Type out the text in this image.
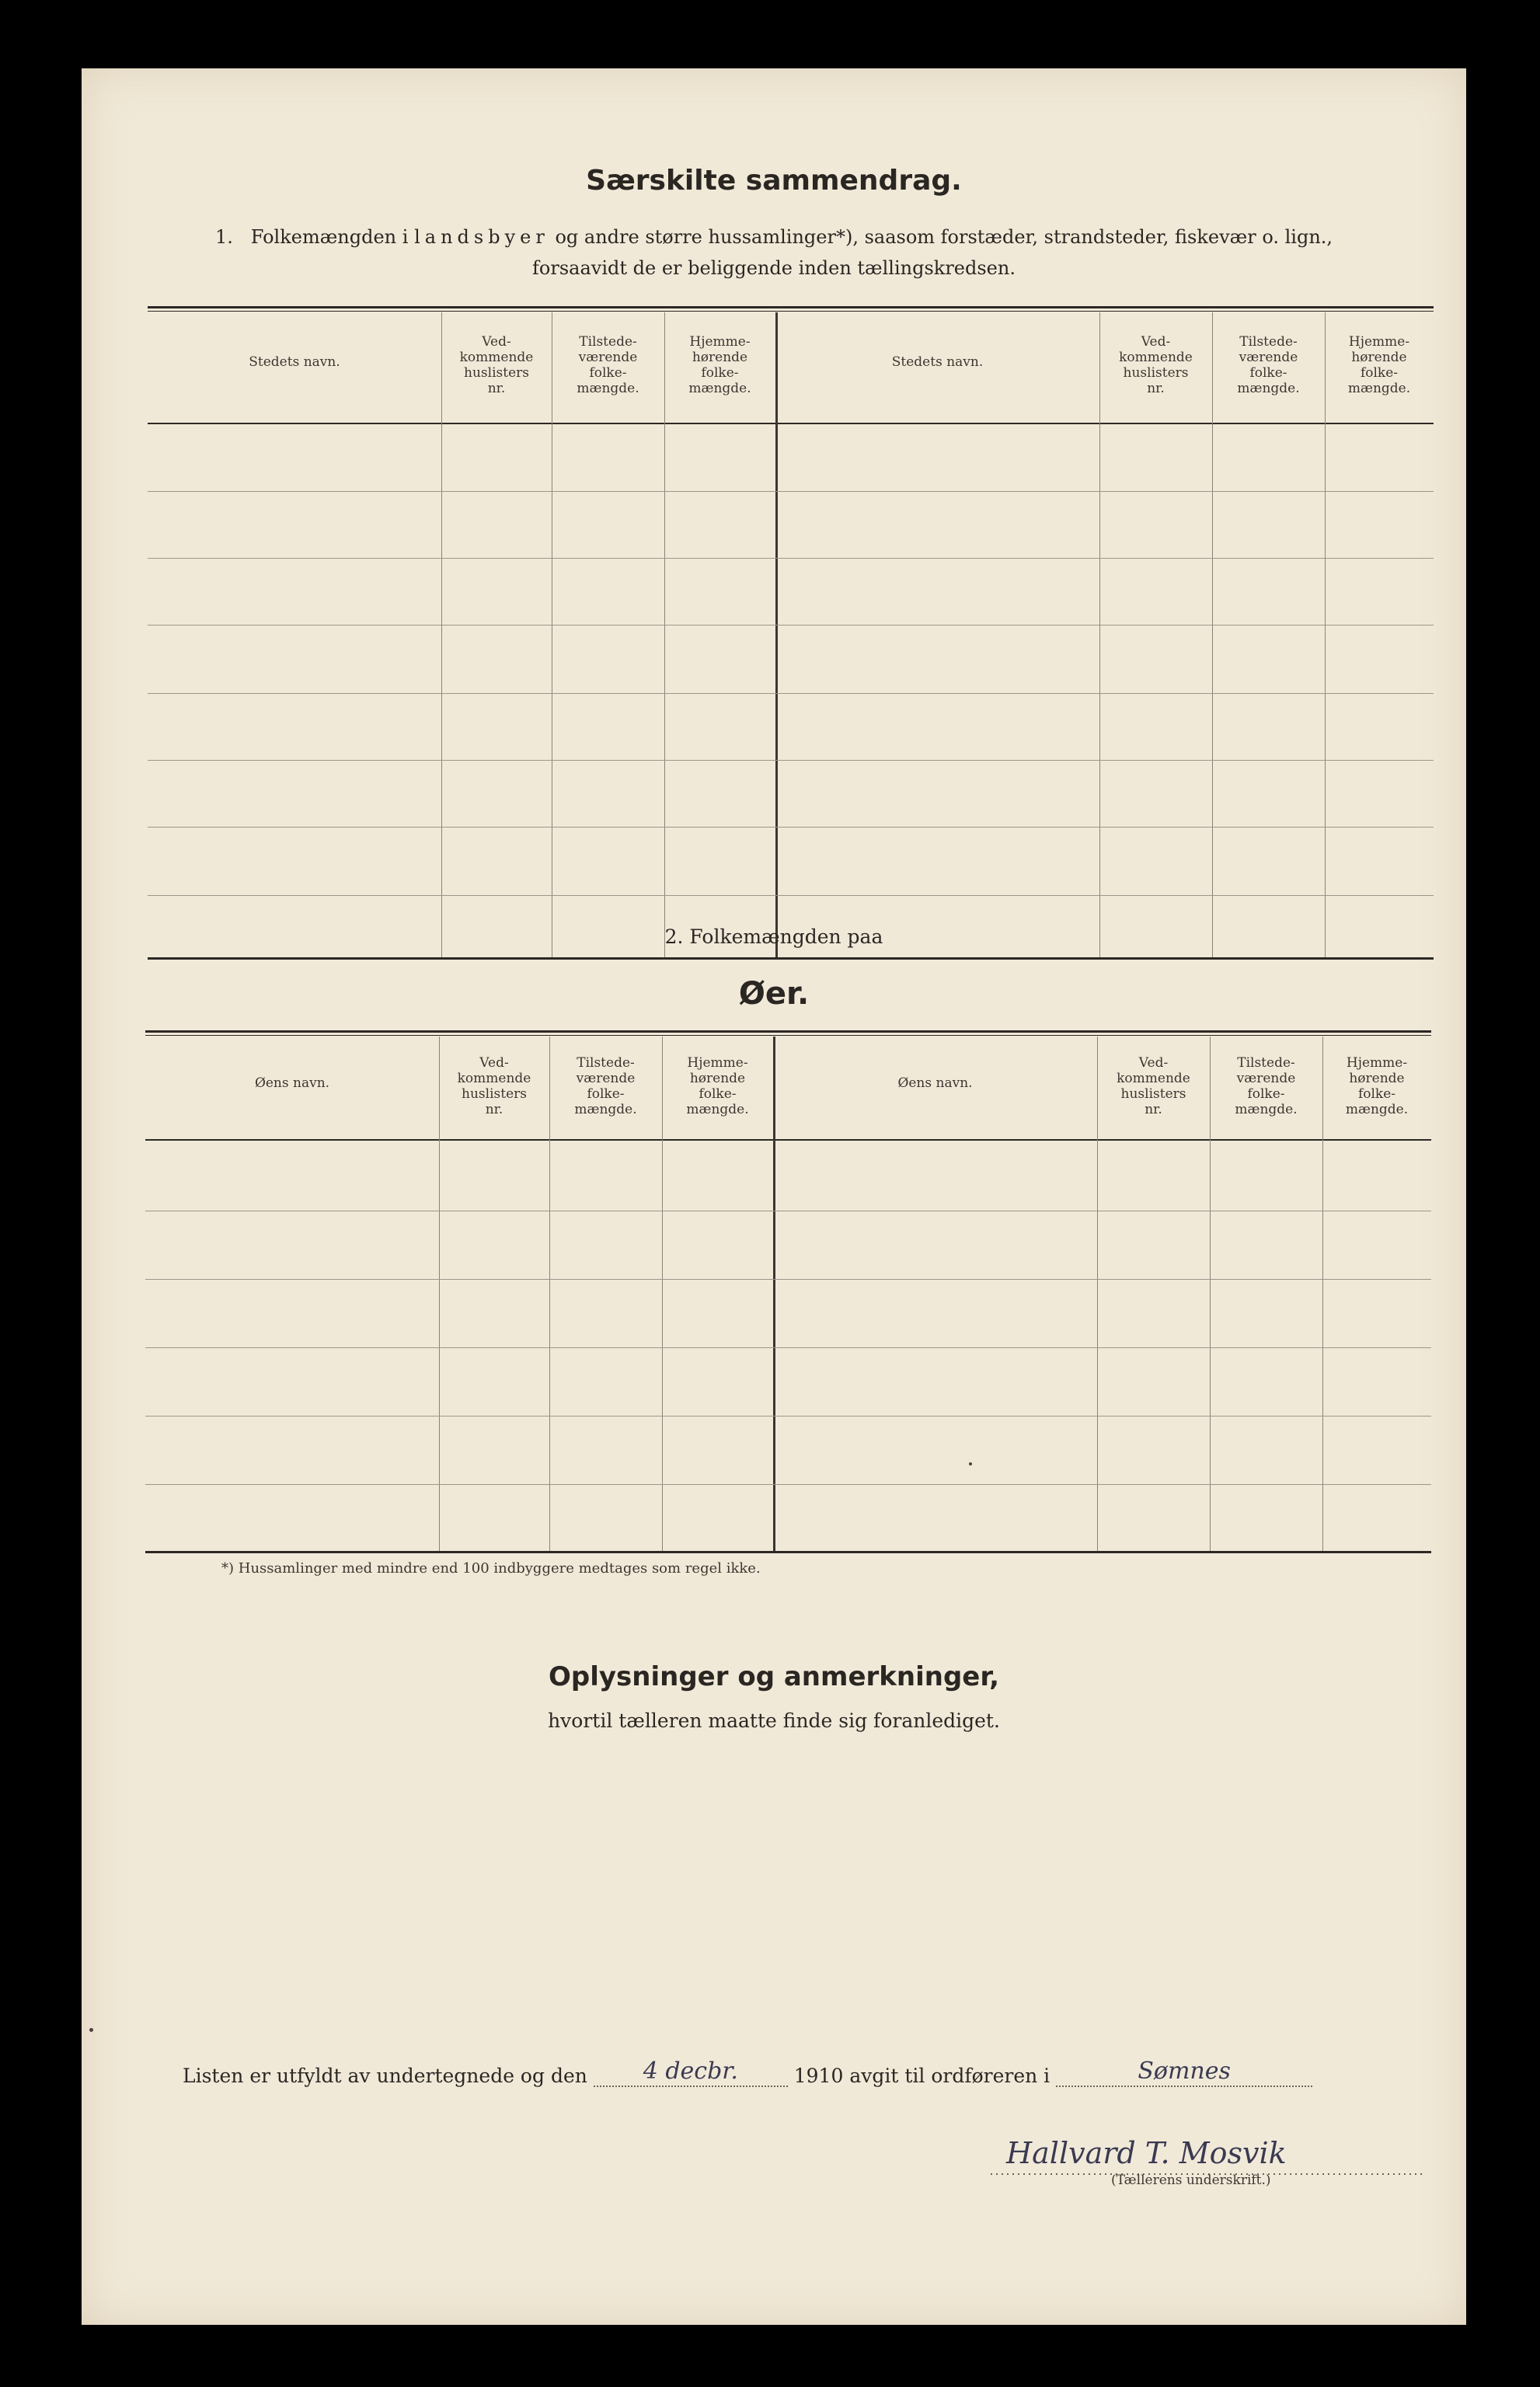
Særskilte sammendrag.
1. Folkemængden i landsbyer og andre større hussamlinger*), saasom forstæder, strandsteder, fiskevær o. lign.,
forsaavidt de er beliggende inden tællingskredsen.
Stedets navn.
Ved-
kommende
huslisters
nr.
Tilstede-
værende
folke-
mængde.
Hjemme-
hørende
folke-
mængde.
Stedets navn.
Ved-
kommende
huslisters
nr.
Tilstede-
værende
folke-
mængde.
Hjemme-
hørende
folke-
mængde.
2. Folkemængden paa
Øer.
Øens navn.
Ved-
kommende
huslisters
nr.
Tilstede-
værende
folke-
mængde.
Hjemme-
hørende
folke-
mængde.
Øens navn.
Ved-
kommende
huslisters
nr.
Tilstede-
værende
folke-
mængde.
Hjemme-
hørende
folke-
mængde.
*) Hussamlinger med mindre end 100 indbyggere medtages som regel ikke.
Oplysninger og anmerkninger,
hvortil tælleren maatte finde sig foranlediget.
Listen er utfyldt av undertegnede og den 4 decbr.	1910 avgit til ordføreren i	Sømnes
Hallvard T. Mosvik
(Tællerens underskrift.)
